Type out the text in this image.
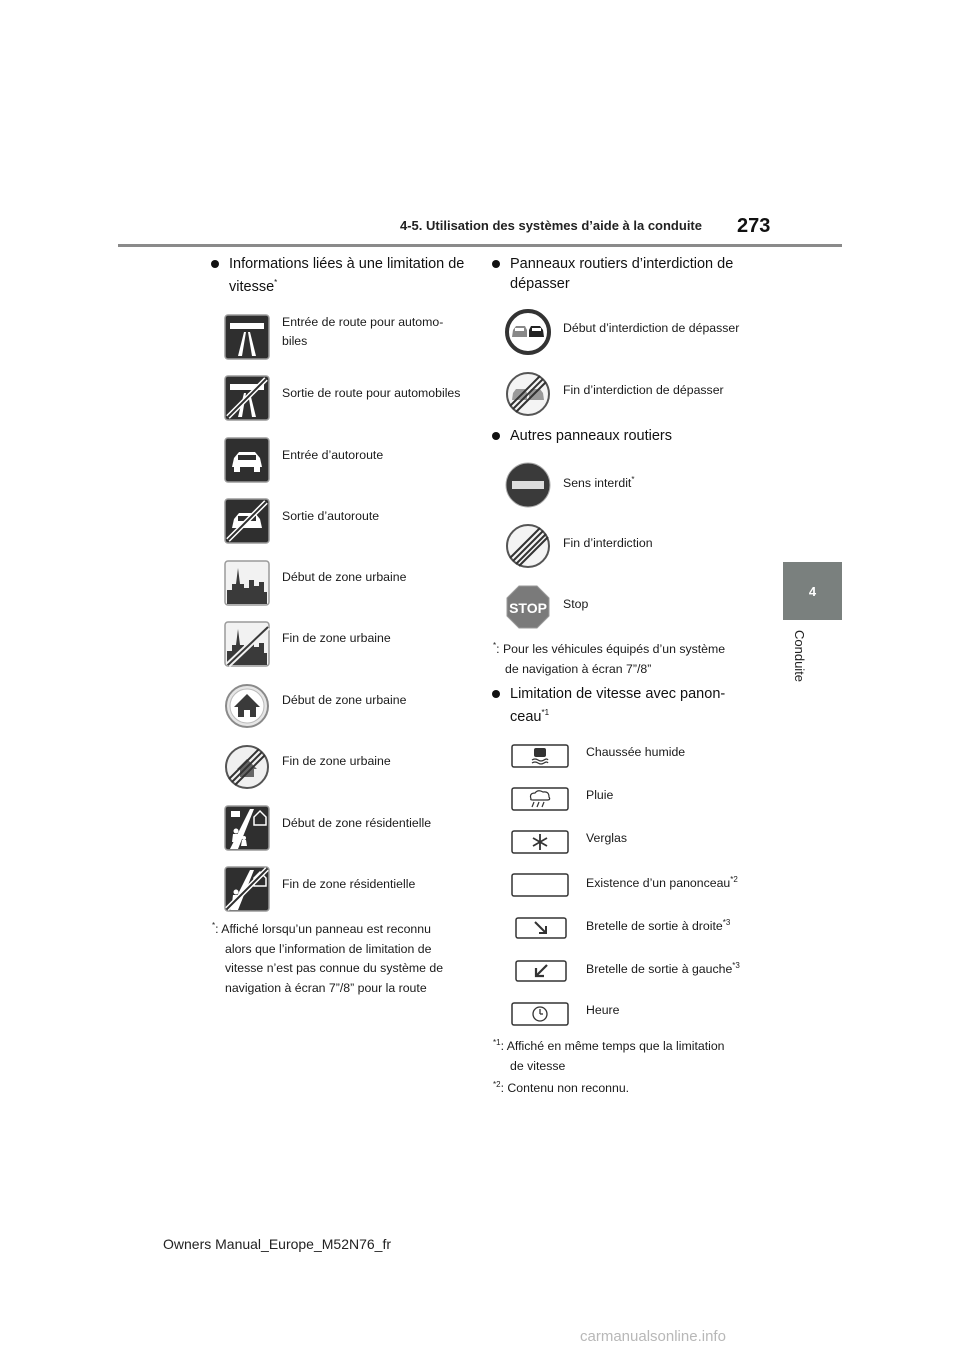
4-5. Utilisation des systèmes d’aide à la conduite 273
4
Conduite
Informations liées à une limitation de
vitesse*
Entrée de route pour automo-
biles
Sortie de route pour automobiles
Entrée d’autoroute
Sortie d’autoroute
Début de zone urbaine
Fin de zone urbaine
Début de zone urbaine
Fin de zone urbaine
Début de zone résidentielle
Fin de zone résidentielle
*: Affiché lorsqu’un panneau est reconnu
alors que l’information de limitation de
vitesse n’est pas connue du système de
navigation à écran 7”/8” pour la route
Panneaux routiers d’interdiction de
dépasser
Début d’interdiction de dépasser
Fin d’interdiction de dépasser
Autres panneaux routiers
STOP
Sens interdit*
Fin d’interdiction
Stop
*: Pour les véhicules équipés d’un système
de navigation à écran 7”/8”
Limitation de vitesse avec panon-
ceau$^{*1}$
Chaussée humide
Pluie
Verglas
Existence d’un panonceau$^{*2}$
Bretelle de sortie à droite$^{*3}$
Bretelle de sortie à gauche$^{*3}$
Heure
$^{*1}$: Affiché en même temps que la limitation
de vitesse
$^{*2}$: Contenu non reconnu.
Owners Manual_Europe_M52N76_fr
carmanualsonline.info
